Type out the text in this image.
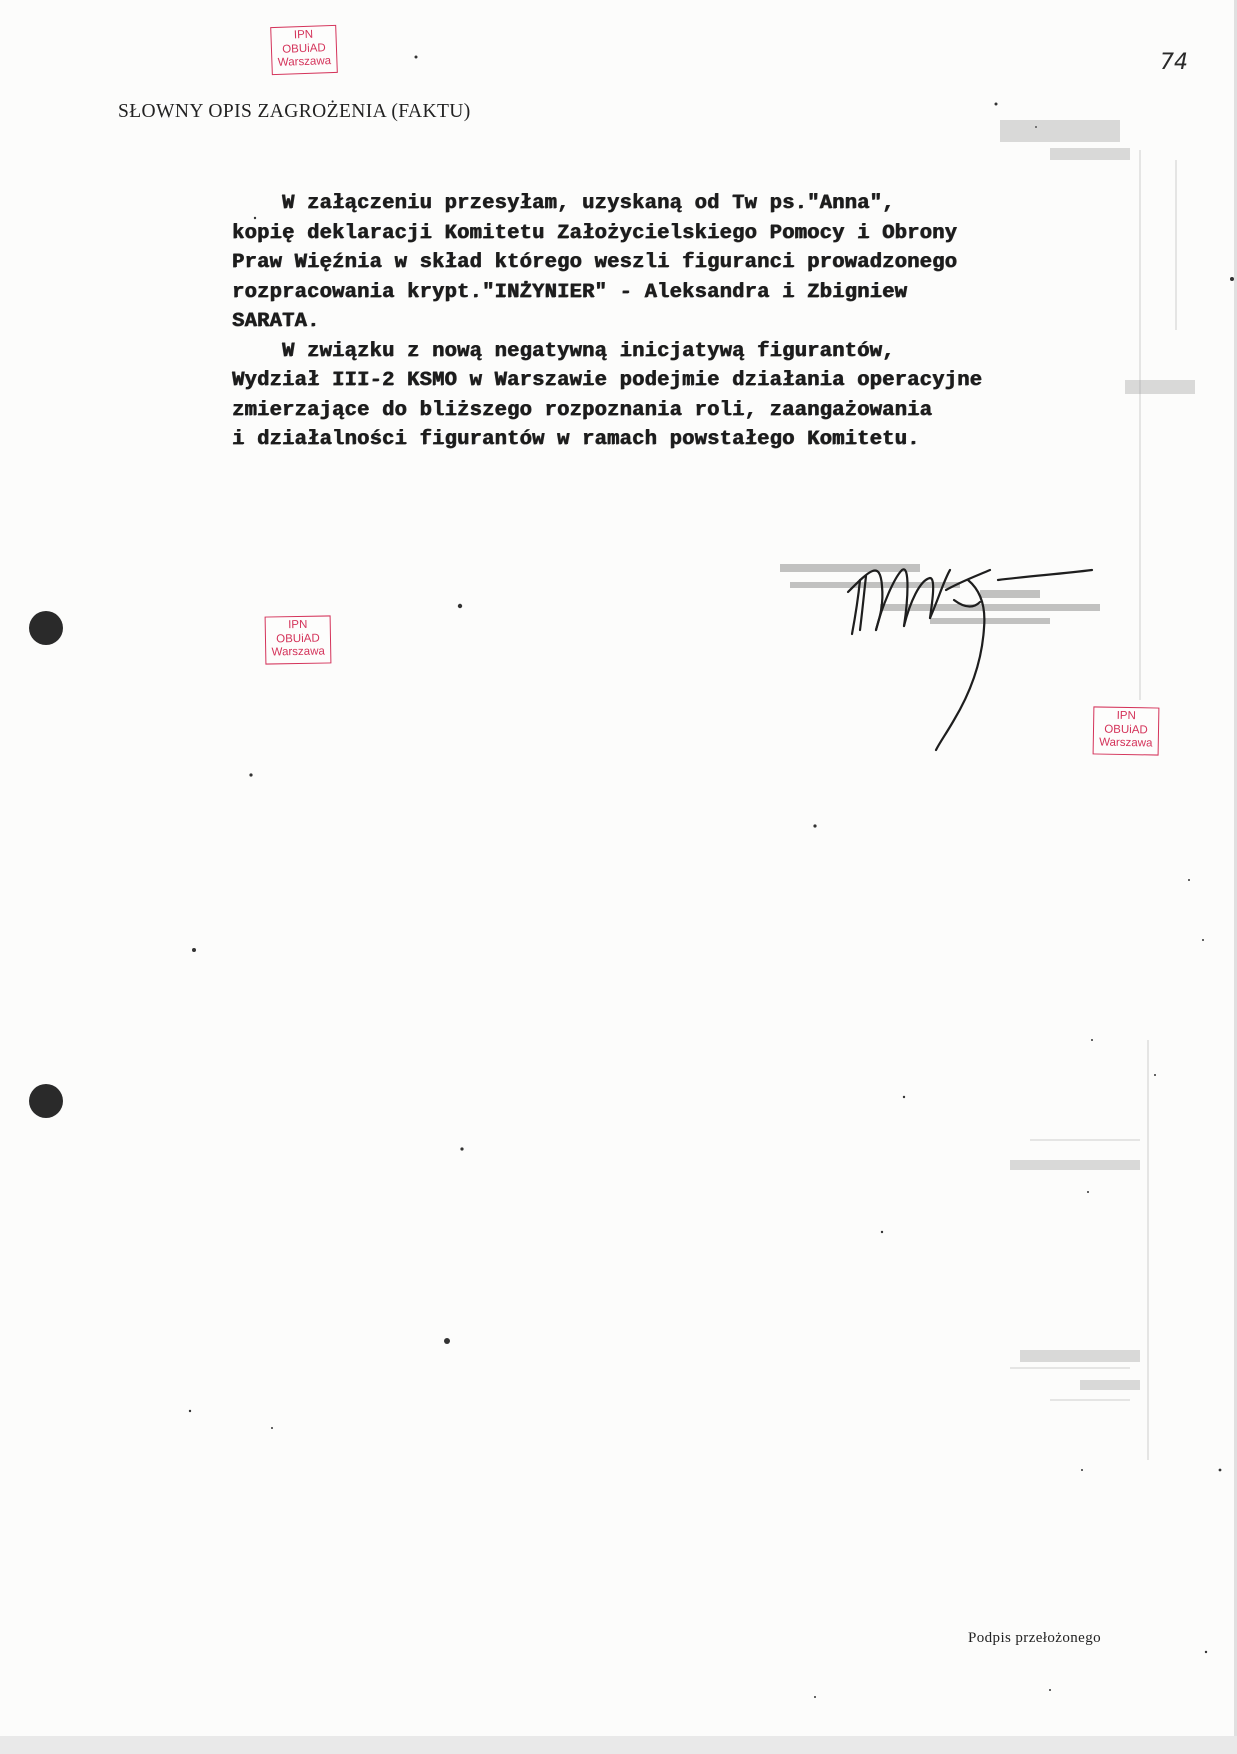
IPN
OBUiAD
Warszawa	74
SŁOWNY OPIS ZAGROŻENIA (FAKTU)
W załączeniu przesyłam, uzyskaną od Tw ps."Anna",
kopię deklaracji Komitetu Założycielskiego Pomocy i Obrony
Praw Więźnia w skład którego weszli figuranci prowadzonego
rozpracowania krypt."INŻYNIER" - Aleksandra i Zbigniew
SARATA.
W związku z nową negatywną inicjatywą figurantów,
Wydział III-2 KSMO w Warszawie podejmie działania operacyjne
zmierzające do bliższego rozpoznania roli, zaangażowania
i działalności figurantów w ramach powstałego Komitetu.
IPN
OBUiAD
Warszawa
IPN
OBUiAD
Warszawa
Podpis przełożonego
